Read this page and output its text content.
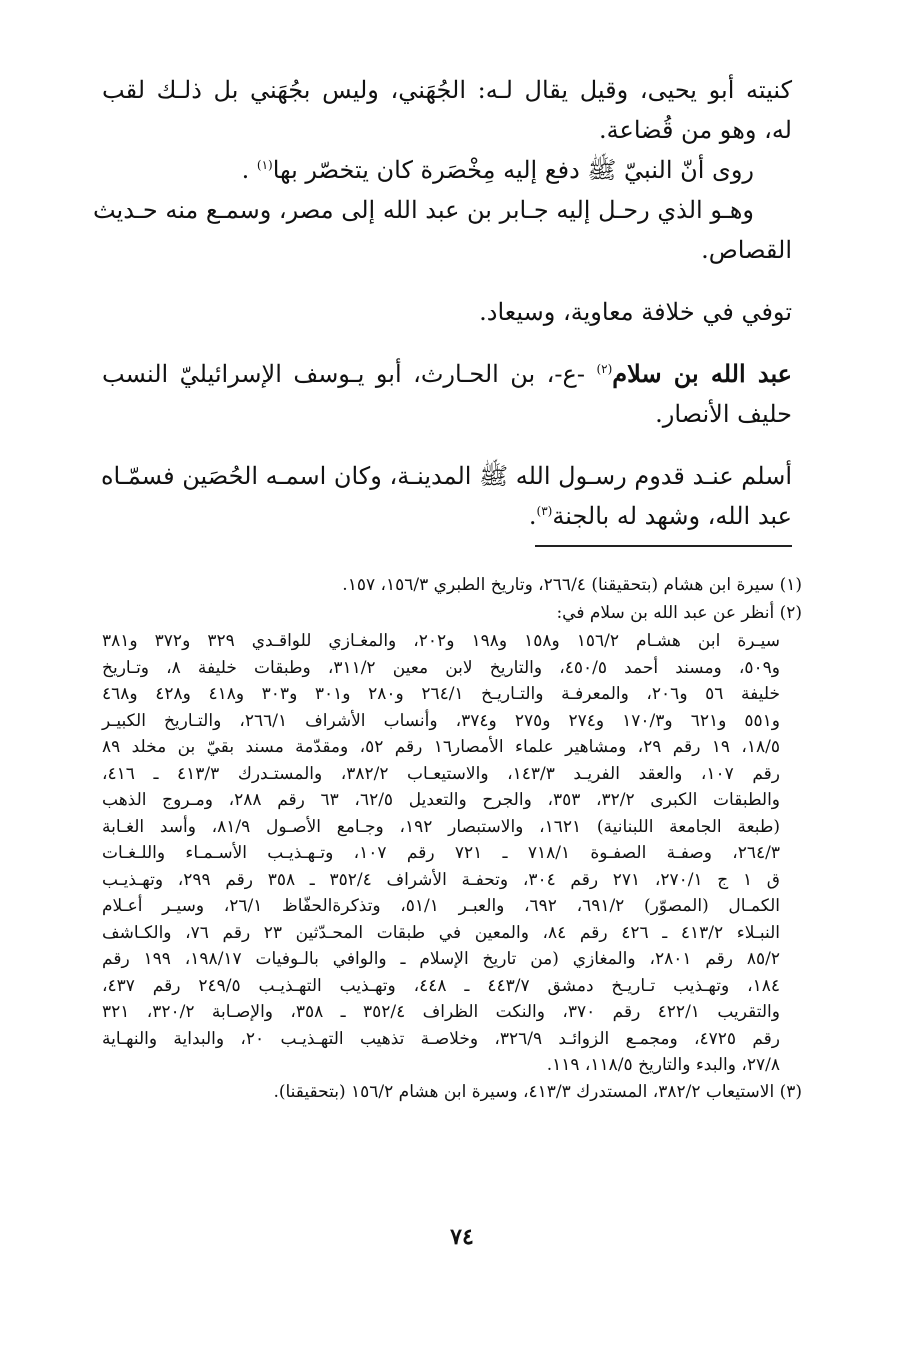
كنيته أبو يحيى، وقيل يقال لـه: الجُهَني، وليس بجُهَني بل ذلـك لقب
له، وهو من قُضاعة.
روى أنّ النبيّ ﷺ دفع إليه مِخْصَرة كان يتخصّر بها$^{(١)}$ .
وهـو الذي رحـل إليه جـابر بن عبد الله إلى مصر، وسمـع منه حـديث
القصاص.
توفي في خلافة معاوية، وسيعاد.
عبد الله بن سلام$^{(٢)}$ -ع-، بن الحـارث، أبو يـوسف الإسرائيليّ النسب
حليف الأنصار.
أسلم عنـد قدوم رسـول الله ﷺ المدينـة، وكان اسمـه الحُصَين فسمّـاه
عبد الله، وشهد له بالجنة$^{(٣)}$.
(١) سيرة ابن هشام (بتحقيقنا) ٢٦٦/٤، وتاريخ الطبري ١٥٦/٣، ١٥٧.
(٢) أنظر عن عبد الله بن سلام في:
سيـرة ابن هشـام ١٥٦/٢ و١٥٨ و١٩٨ و٢٠٢، والمغـازي للواقـدي ٣٢٩ و٣٧٢ و٣٨١
و٥٠٩، ومسند أحمد ٤٥٠/٥، والتاريخ لابن معين ٣١١/٢، وطبقات خليفة ٨، وتـاريخ
خليفة ٥٦ و٢٠٦، والمعرفـة والتـاريـخ ٢٦٤/١ و٢٨٠ و٣٠١ و٣٠٣ و٤١٨ و٤٢٨ و٤٦٨
و٥٥١ و٦٢١ و١٧٠/٣ و٢٧٤ و٢٧٥ و٣٧٤، وأنساب الأشراف ٢٦٦/١، والتـاريخ الكبيـر
١٨/٥، ١٩ رقم ٢٩، ومشاهير علماء الأمصار١٦ رقم ٥٢، ومقدّمة مسند بقيّ بن مخلد ٨٩
رقم ١٠٧، والعقد الفريـد ١٤٣/٣، والاستيعـاب ٣٨٢/٢، والمستـدرك ٤١٣/٣ ـ ٤١٦،
والطبقات الكبرى ٣٢/٢، ٣٥٣، والجرح والتعديل ٦٢/٥، ٦٣ رقم ٢٨٨، ومـروج الذهب
(طبعة الجامعة اللبنانية) ١٦٢١، والاستبصار ١٩٢، وجـامع الأصـول ٨١/٩، وأسد الغـابة
٢٦٤/٣، وصفـة الصفـوة ٧١٨/١ ـ ٧٢١ رقم ١٠٧، وتـهـذيـب الأسـمـاء واللـغـات
ق ١ ج ٢٧٠/١، ٢٧١ رقم ٣٠٤، وتحفـة الأشراف ٣٥٢/٤ ـ ٣٥٨ رقم ٢٩٩، وتهـذيـب
الكمـال (المصوّر) ٦٩١/٢، ٦٩٢، والعبـر ٥١/١، وتذكرةالحفّاظ ٢٦/١، وسيـر أعـلام
النبـلاء ٤١٣/٢ ـ ٤٢٦ رقم ٨٤، والمعين في طبقات المحـدّثين ٢٣ رقم ٧٦، والكـاشف
٨٥/٢ رقم ٢٨٠١، والمغازي (من تاريخ الإسلام ـ والوافي بالـوفيات ١٩٨/١٧، ١٩٩ رقم
١٨٤، وتهـذيب تـاريـخ دمشق ٤٤٣/٧ ـ ٤٤٨، وتهـذيب التهـذيـب ٢٤٩/٥ رقم ٤٣٧،
والتقريب ٤٢٢/١ رقم ٣٧٠، والنكت الظراف ٣٥٢/٤ ـ ٣٥٨، والإصـابة ٣٢٠/٢، ٣٢١
رقم ٤٧٢٥، ومجمـع الزوائـد ٣٢٦/٩، وخلاصـة تذهيب التهـذيـب ٢٠، والبداية والنهـاية
٢٧/٨، والبدء والتاريخ ١١٨/٥، ١١٩.
(٣) الاستيعاب ٣٨٢/٢، المستدرك ٤١٣/٣، وسيرة ابن هشام ١٥٦/٢ (بتحقيقنا).
٧٤
